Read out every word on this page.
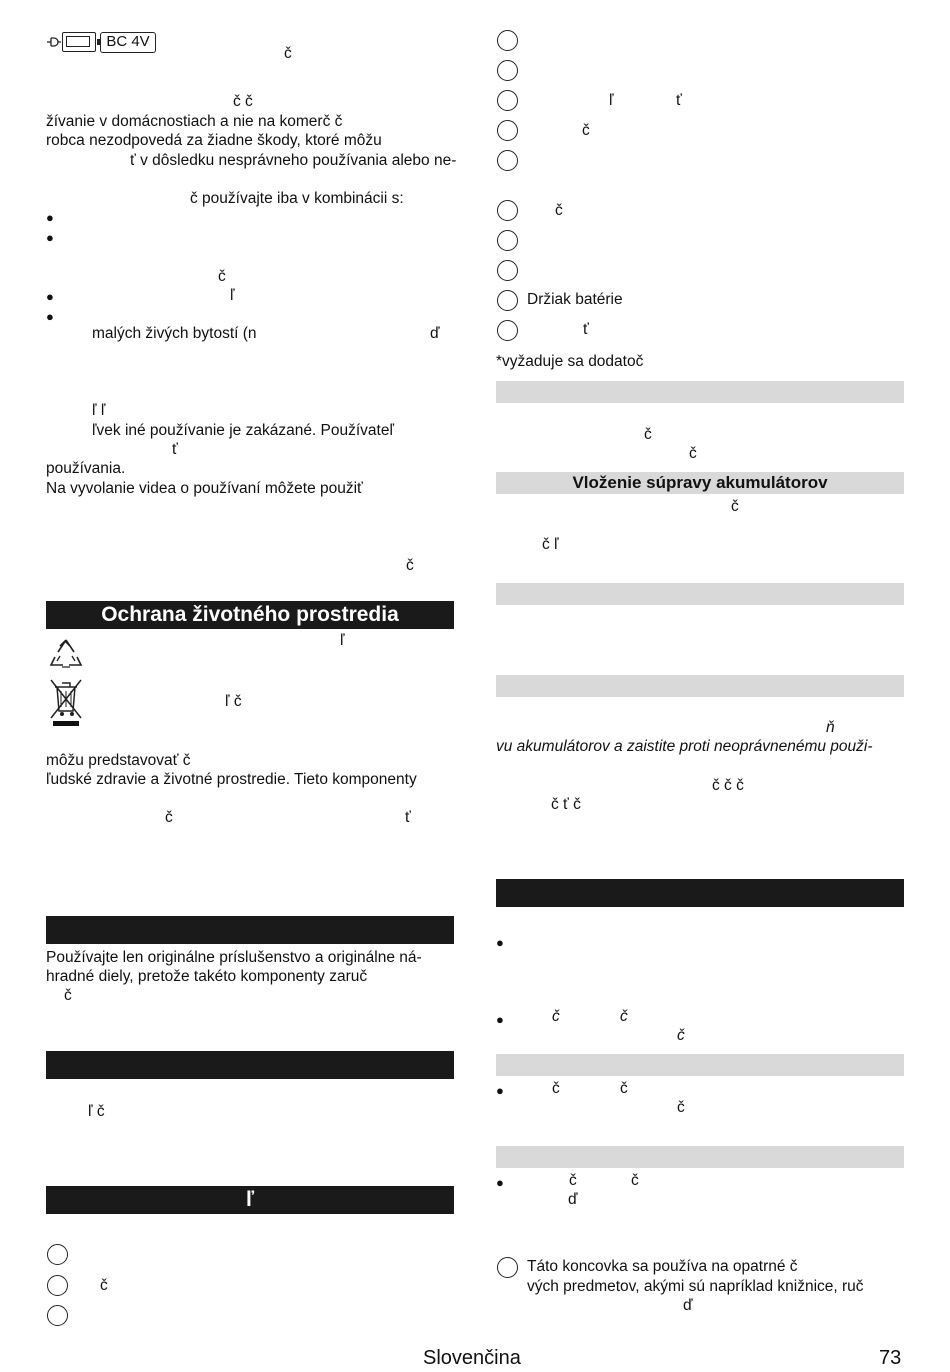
BC 4V
č
č č
žívanie v domácnostiach a nie na komerč č
robca nezodpovedá za žiadne škody, ktoré môžu
ť v dôsledku nesprávneho používania alebo ne-
č používajte iba v kombinácii s:
●
●
č
●	ľ
●
malých živých bytostí (n	ď
ľ ľ
ľvek iné používanie je zakázané. Používateľ
ť
používania.
Na vyvolanie videa o používaní môžete použiť
č
Ochrana životného prostredia
ľ
ľ č
môžu predstavovať č
ľudské zdravie a životné prostredie. Tieto komponenty
č	ť
Používajte len originálne príslušenstvo a originálne ná-
hradné diely, pretože takéto komponenty zaruč
č
ľ č
ľ
č
ľ	ť
č
č
Držiak batérie
ť
*vyžaduje sa dodatoč
č
č
Vloženie súpravy akumulátorov
č
č ľ
ň
vu akumulátorov a zaistite proti neoprávnenému použi-
č č č
č ť č
●
●	č	č
č
●	č	č
č
●	č	č
ď
Táto koncovka sa používa na opatrné č
vých predmetov, akými sú napríklad knižnice, ruč
ď
Slovenčina	73
